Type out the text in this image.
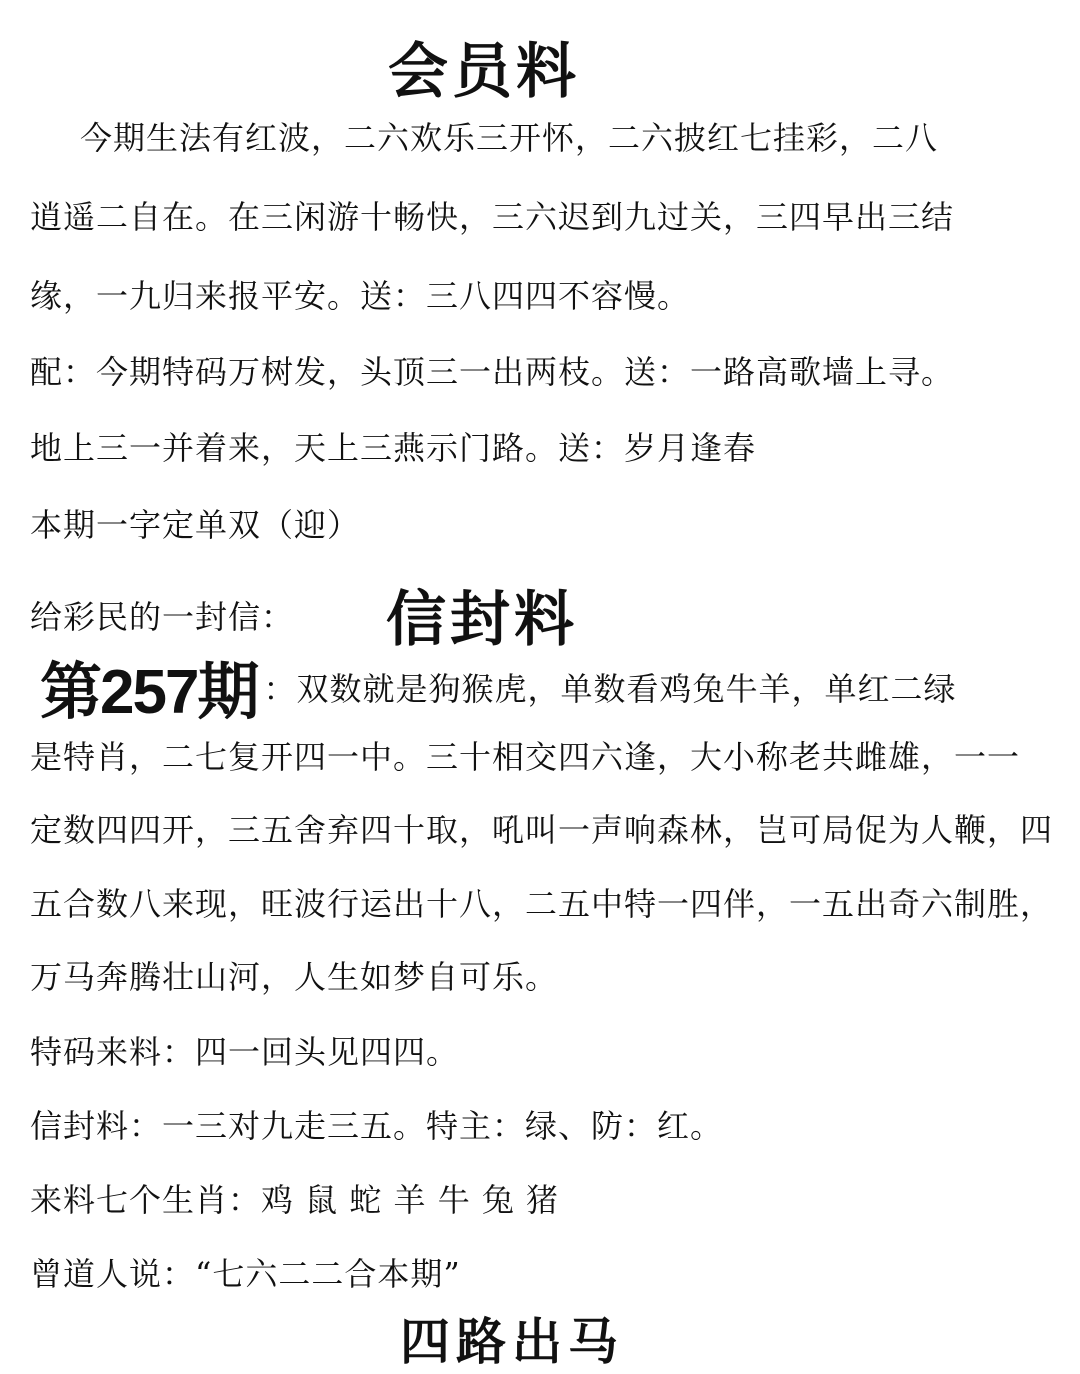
会员料
今期生法有红波，二六欢乐三开怀，二六披红七挂彩，二八
逍遥二自在。在三闲游十畅快，三六迟到九过关，三四早出三结
缘，一九归来报平安。送：三八四四不容慢。
配：今期特码万树发，头顶三一出两枝。送：一路高歌墙上寻。
地上三一并着来，天上三燕示门路。送：岁月逢春
本期一字定单双（迎）
给彩民的一封信： 信封料
第257期 ：双数就是狗猴虎，单数看鸡兔牛羊，单红二绿
是特肖，二七复开四一中。三十相交四六逢，大小称老共雌雄，一一
定数四四开，三五舍弃四十取，吼叫一声响森林，岂可局促为人鞭，四
五合数八来现，旺波行运出十八，二五中特一四伴，一五出奇六制胜，
万马奔腾壮山河，人生如梦自可乐。
特码来料：四一回头见四四。
信封料：一三对九走三五。特主：绿、防：红。
来料七个生肖：鸡 鼠 蛇 羊 牛 兔 猪
曾道人说：“七六二二合本期”
四路出马
